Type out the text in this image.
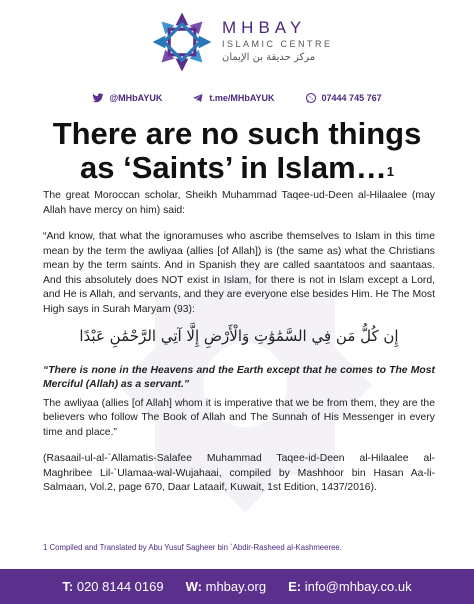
MHBAY
ISLAMIC CENTRE
مركز حديقة بن الإيمان
@MHbAYUK	t.me/MHbAYUK	07444 745 767
There are no such things
as ‘Saints’ in Islam…$^1$

The great Moroccan scholar, Sheikh Muhammad Taqee-ud-Deen al-Hilaalee (may Allah have mercy on him) said:

“And know, that what the ignoramuses who ascribe themselves to Islam in this time mean by the term the awliyaa (allies [of Allah]) is (the same as) what the Christians mean by the term saints. And in Spanish they are called saantatoos and saantaas. And this absolutely does NOT exist in Islam, for there is not in Islam except a Lord, and He is Allah, and servants, and they are everyone else besides Him. He The Most High says in Surah Maryam (93):

إِن كُلُّ مَن فِي السَّمَٰوَٰتِ وَالْأَرْضِ إِلَّا آتِي الرَّحْمَٰنِ عَبْدًا

“There is none in the Heavens and the Earth except that he comes to The Most Merciful (Allah) as a servant.”

The awliyaa (allies [of Allah] whom it is imperative that we be from them, they are the believers who follow The Book of Allah and The Sunnah of His Messenger in every time and place.”

(Rasaail-ul-al-`Allamatis-Salafee Muhammad Taqee-id-Deen al-Hilaalee al-Maghribee Lil-`Ulamaa-wal-Wujahaai, compiled by Mashhoor bin Hasan Aa-li-Salmaan, Vol.2, page 670, Daar Lataaif, Kuwait, 1st Edition, 1437/2016).

1 Compiled and Translated by Abu Yusuf Sagheer bin `Abdir-Rasheed al-Kashmeeree.
T: 020 8144 0169 W: mhbay.org E: info@mhbay.co.uk
